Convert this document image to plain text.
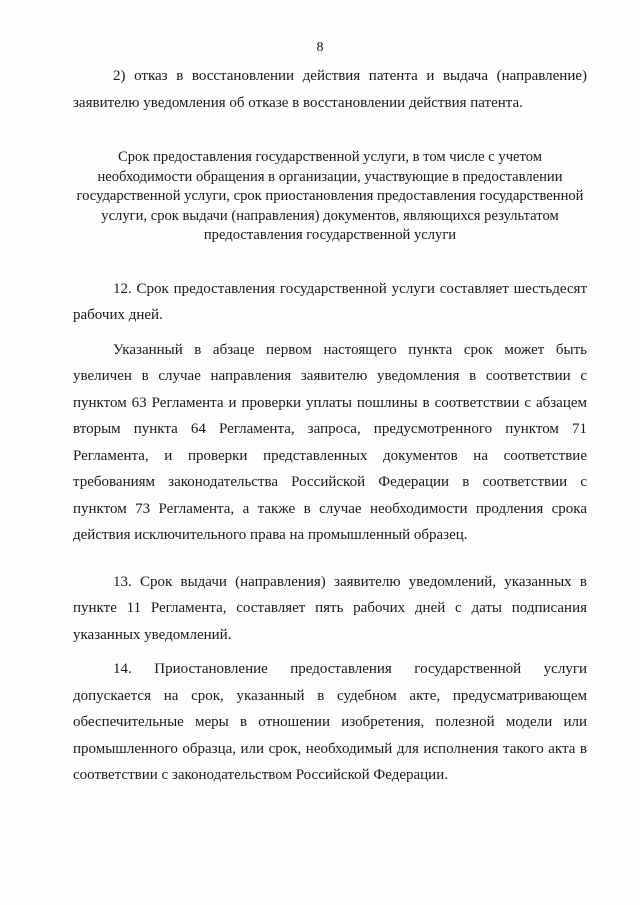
8

2) отказ в восстановлении действия патента и выдача (направление) заявителю уведомления об отказе в восстановлении действия патента.

Срок предоставления государственной услуги, в том числе с учетом необходимости обращения в организации, участвующие в предоставлении государственной услуги, срок приостановления предоставления государственной услуги, срок выдачи (направления) документов, являющихся результатом предоставления государственной услуги

12. Срок предоставления государственной услуги составляет шестьдесят рабочих дней.

Указанный в абзаце первом настоящего пункта срок может быть увеличен в случае направления заявителю уведомления в соответствии с пунктом 63 Регламента и проверки уплаты пошлины в соответствии с абзацем вторым пункта 64 Регламента, запроса, предусмотренного пунктом 71 Регламента, и проверки представленных документов на соответствие требованиям законодательства Российской Федерации в соответствии с пунктом 73 Регламента, а также в случае необходимости продления срока действия исключительного права на промышленный образец.

13. Срок выдачи (направления) заявителю уведомлений, указанных в пункте 11 Регламента, составляет пять рабочих дней с даты подписания указанных уведомлений.

14. Приостановление предоставления государственной услуги допускается на срок, указанный в судебном акте, предусматривающем обеспечительные меры в отношении изобретения, полезной модели или промышленного образца, или срок, необходимый для исполнения такого акта в соответствии с законодательством Российской Федерации.
